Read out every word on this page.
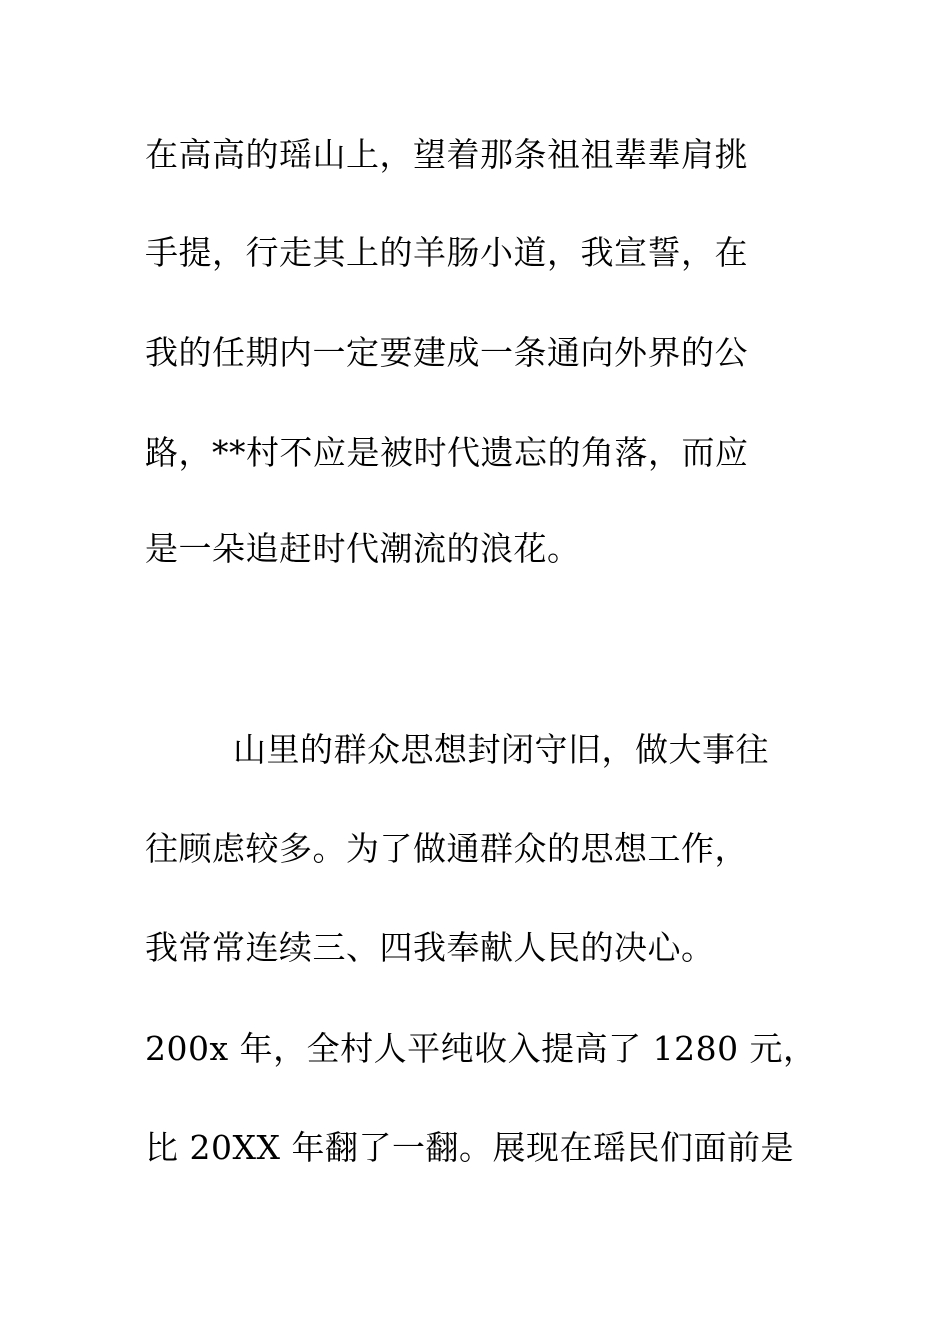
在高高的瑶山上，望着那条祖祖辈辈肩挑
手提，行走其上的羊肠小道，我宣誓，在
我的任期内一定要建成一条通向外界的公
路，**村不应是被时代遗忘的角落，而应
是一朵追赶时代潮流的浪花。
山里的群众思想封闭守旧，做大事往
往顾虑较多。为了做通群众的思想工作，
我常常连续三、四我奉献人民的决心。
200x 年，全村人平纯收入提高了 1280 元，
比 20XX 年翻了一翻。展现在瑶民们面前是
